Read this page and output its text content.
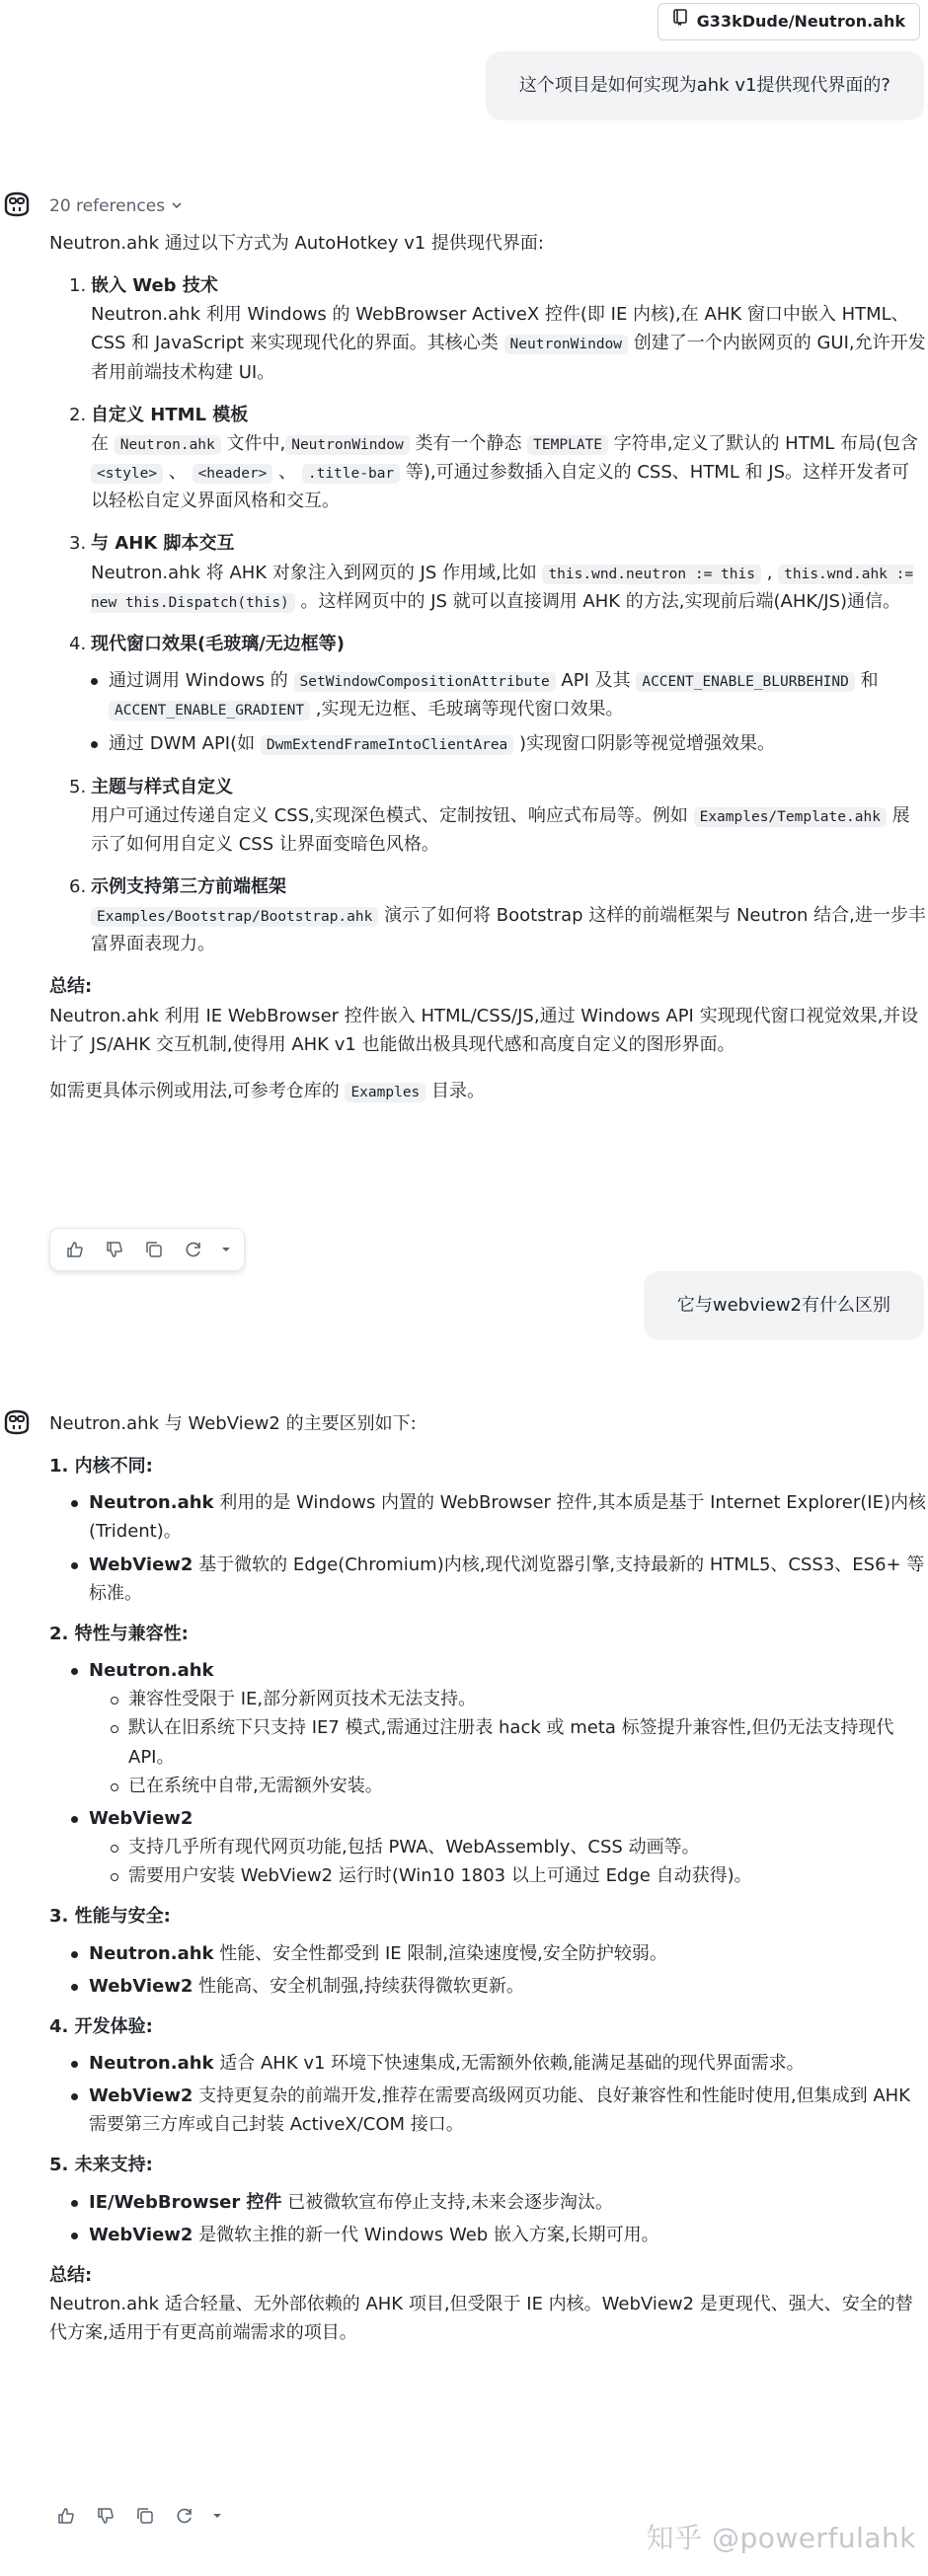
G33kDude/Neutron.ahk
这个项目是如何实现为ahk v1提供现代界面的?
20 references

Neutron.ahk 通过以下方式为 AutoHotkey v1 提供现代界面:

1. 嵌入 Web 技术
Neutron.ahk 利用 Windows 的 WebBrowser ActiveX 控件(即 IE 内核),在 AHK 窗口中嵌入 HTML、CSS 和 JavaScript 来实现现代化的界面。其核心类 NeutronWindow 创建了一个内嵌网页的 GUI,允许开发者用前端技术构建 UI。
2. 自定义 HTML 模板
在 Neutron.ahk 文件中, NeutronWindow 类有一个静态 TEMPLATE 字符串,定义了默认的 HTML 布局(包含 <style> 、 <header> 、 .title-bar 等),可通过参数插入自定义的 CSS、HTML 和 JS。这样开发者可以轻松自定义界面风格和交互。
3. 与 AHK 脚本交互
Neutron.ahk 将 AHK 对象注入到网页的 JS 作用域,比如 this.wnd.neutron := this , this.wnd.ahk := new this.Dispatch(this) 。这样网页中的 JS 就可以直接调用 AHK 的方法,实现前后端(AHK/JS)通信。
4. 现代窗口效果(毛玻璃/无边框等)
通过调用 Windows 的 SetWindowCompositionAttribute API 及其 ACCENT_ENABLE_BLURBEHIND 和 ACCENT_ENABLE_GRADIENT ,实现无边框、毛玻璃等现代窗口效果。
通过 DWM API(如 DwmExtendFrameIntoClientArea )实现窗口阴影等视觉增强效果。
5. 主题与样式自定义
用户可通过传递自定义 CSS,实现深色模式、定制按钮、响应式布局等。例如 Examples/Template.ahk 展示了如何用自定义 CSS 让界面变暗色风格。
6. 示例支持第三方前端框架
Examples/Bootstrap/Bootstrap.ahk 演示了如何将 Bootstrap 这样的前端框架与 Neutron 结合,进一步丰富界面表现力。

总结:

Neutron.ahk 利用 IE WebBrowser 控件嵌入 HTML/CSS/JS,通过 Windows API 实现现代窗口视觉效果,并设计了 JS/AHK 交互机制,使得用 AHK v1 也能做出极具现代感和高度自定义的图形界面。

如需更具体示例或用法,可参考仓库的 Examples 目录。

它与webview2有什么区别

Neutron.ahk 与 WebView2 的主要区别如下:

1. 内核不同:
Neutron.ahk 利用的是 Windows 内置的 WebBrowser 控件,其本质是基于 Internet Explorer(IE)内核(Trident)。
WebView2 基于微软的 Edge(Chromium)内核,现代浏览器引擎,支持最新的 HTML5、CSS3、ES6+ 等标准。
2. 特性与兼容性:
Neutron.ahk
兼容性受限于 IE,部分新网页技术无法支持。
默认在旧系统下只支持 IE7 模式,需通过注册表 hack 或 meta 标签提升兼容性,但仍无法支持现代 API。
已在系统中自带,无需额外安装。
WebView2
支持几乎所有现代网页功能,包括 PWA、WebAssembly、CSS 动画等。
需要用户安装 WebView2 运行时(Win10 1803 以上可通过 Edge 自动获得)。
3. 性能与安全:
Neutron.ahk 性能、安全性都受到 IE 限制,渲染速度慢,安全防护较弱。
WebView2 性能高、安全机制强,持续获得微软更新。
4. 开发体验:
Neutron.ahk 适合 AHK v1 环境下快速集成,无需额外依赖,能满足基础的现代界面需求。
WebView2 支持更复杂的前端开发,推荐在需要高级网页功能、良好兼容性和性能时使用,但集成到 AHK 需要第三方库或自己封装 ActiveX/COM 接口。
5. 未来支持:
IE/WebBrowser 控件 已被微软宣布停止支持,未来会逐步淘汰。
WebView2 是微软主推的新一代 Windows Web 嵌入方案,长期可用。

总结:

Neutron.ahk 适合轻量、无外部依赖的 AHK 项目,但受限于 IE 内核。WebView2 是更现代、强大、安全的替代方案,适用于有更高前端需求的项目。

知乎 @powerfulahk
